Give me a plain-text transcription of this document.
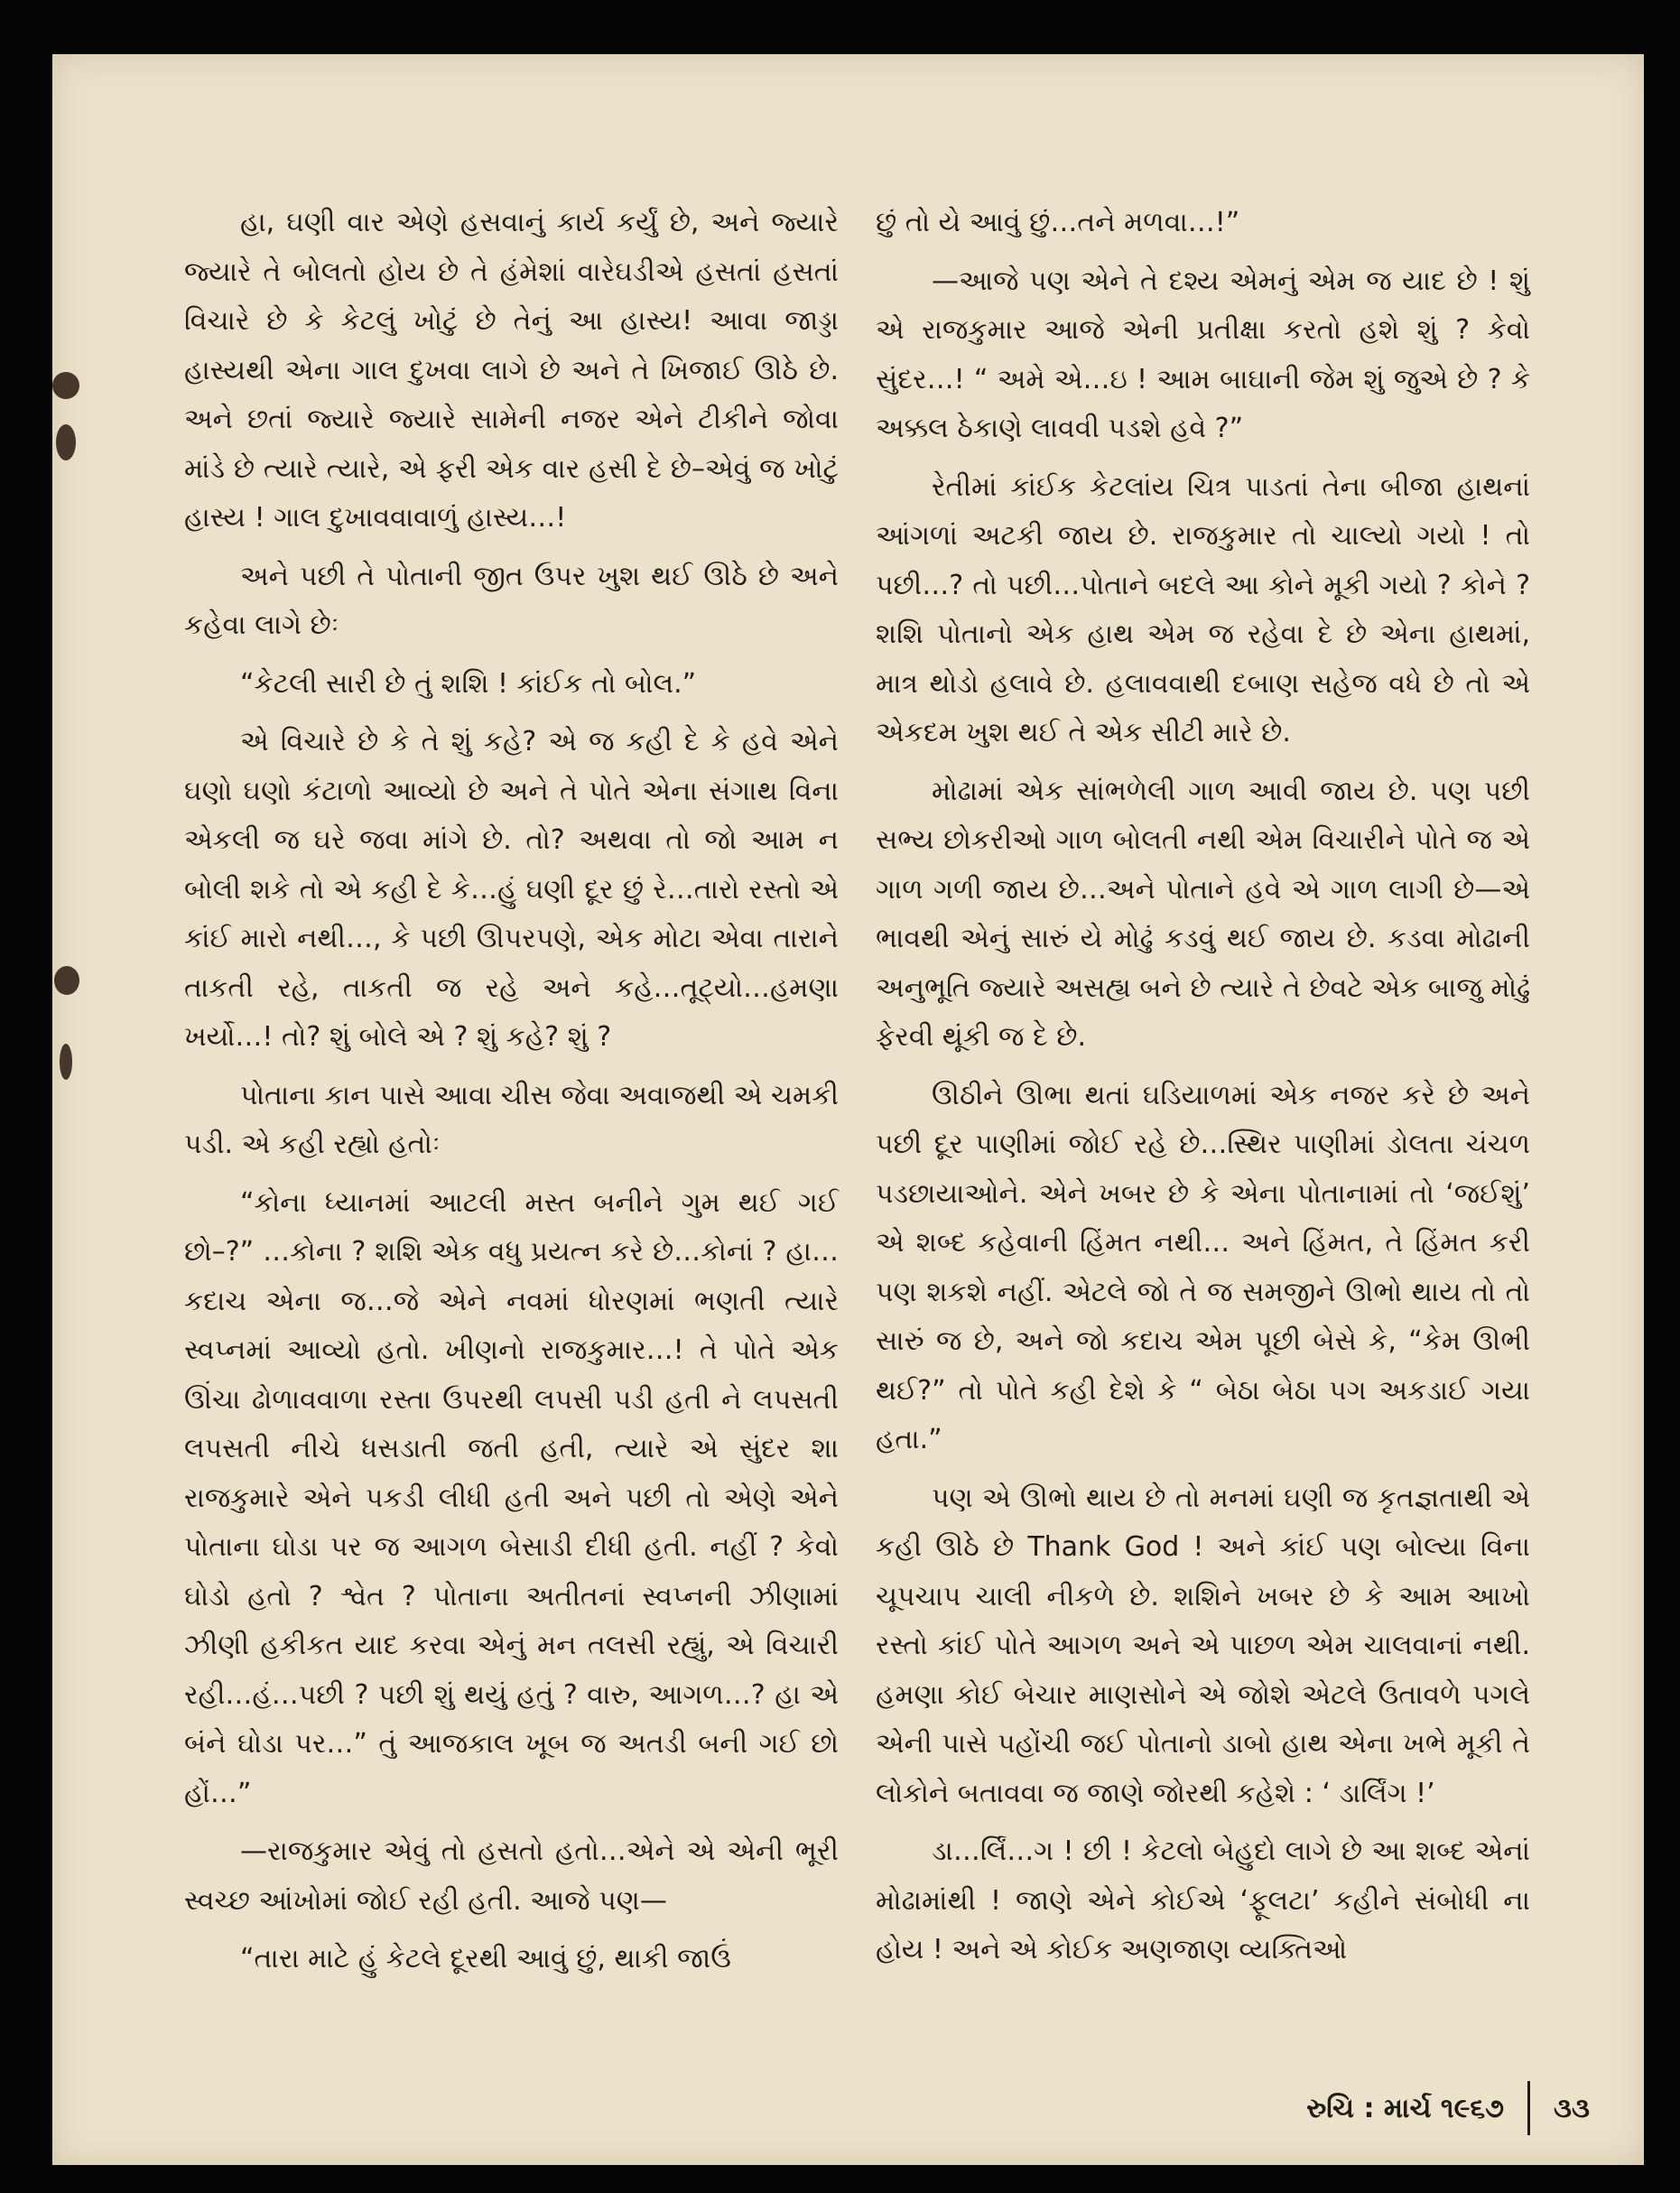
હા, ઘણી વાર એણે હસવાનું કાર્ય કર્યું છે, અને જ્યારે જ્યારે તે બોલતો હોય છે તે હંમેશાં વારેઘડીએ હસતાં હસતાં વિચારે છે કે કેટલું ખોટું છે તેનું આ હાસ્ય! આવા જાડ્ડા હાસ્યથી એના ગાલ દુખવા લાગે છે અને તે ખિજાઈ ઊઠે છે. અને છતાં જ્યારે જ્યારે સામેની નજર એને ટીકીને જોવા માંડે છે ત્યારે ત્યારે, એ ફરી એક વાર હસી દે છે–એવું જ ખોટું હાસ્ય ! ગાલ દુખાવવાવાળું હાસ્ય…!

અને પછી તે પોતાની જીત ઉપર ખુશ થઈ ઊઠે છે અને કહેવા લાગે છેઃ

“કેટલી સારી છે તું શશિ ! કાંઈક તો બોલ.”

એ વિચારે છે કે તે શું કહે? એ જ કહી દે કે હવે એને ઘણો ઘણો કંટાળો આવ્યો છે અને તે પોતે એના સંગાથ વિના એકલી જ ઘરે જવા માંગે છે. તો? અથવા તો જો આમ ન બોલી શકે તો એ કહી દે કે…હું ઘણી દૂર છું રે…તારો રસ્તો એ કાંઈ મારો નથી…, કે પછી ઊપરપણે, એક મોટા એવા તારાને તાકતી રહે, તાકતી જ રહે અને કહે…તૂટ્યો…હમણા ખર્યો…! તો? શું બોલે એ ? શું કહે? શું ?

પોતાના કાન પાસે આવા ચીસ જેવા અવાજથી એ ચમકી પડી. એ કહી રહ્યો હતોઃ

“કોના ધ્યાનમાં આટલી મસ્ત બનીને ગુમ થઈ ગઈ છો–?” …કોના ? શશિ એક વધુ પ્રયત્ન કરે છે…કોનાં ? હા…કદાચ એના જ…જે એને નવમાં ધોરણમાં ભણતી ત્યારે સ્વપ્નમાં આવ્યો હતો. ખીણનો રાજકુમાર…! તે પોતે એક ઊંચા ઢોળાવવાળા રસ્તા ઉપરથી લપસી પડી હતી ને લપસતી લપસતી નીચે ધસડાતી જતી હતી, ત્યારે એ સુંદર શા રાજકુમારે એને પકડી લીધી હતી અને પછી તો એણે એને પોતાના ઘોડા પર જ આગળ બેસાડી દીધી હતી. નહીં ? કેવો ઘોડો હતો ? શ્વેત ? પોતાના અતીતનાં સ્વપ્નની ઝીણામાં ઝીણી હકીકત યાદ કરવા એનું મન તલસી રહ્યું, એ વિચારી રહી…હં…પછી ? પછી શું થયું હતું ? વારુ, આગળ…? હા એ બંને ઘોડા પર…” તું આજકાલ ખૂબ જ અતડી બની ગઈ છો હોં…”

—રાજકુમાર એવું તો હસતો હતો…એને એ એની ભૂરી સ્વચ્છ આંખોમાં જોઈ રહી હતી. આજે પણ—

“તારા માટે હું કેટલે દૂરથી આવું છું, થાકી જાઉં

છું તો યે આવું છું…તને મળવા…!”

—આજે પણ એને તે દશ્ય એમનું એમ જ યાદ છે ! શું એ રાજકુમાર આજે એની પ્રતીક્ષા કરતો હશે શું ? કેવો સુંદર…! “ અમે એ…ઇ ! આમ બાઘાની જેમ શું જુએ છે ? કે અક્કલ ઠેકાણે લાવવી પડશે હવે ?”

રેતીમાં કાંઈક કેટલાંય ચિત્ર પાડતાં તેના બીજા હાથનાં આંગળાં અટકી જાય છે. રાજકુમાર તો ચાલ્યો ગયો ! તો પછી…? તો પછી…પોતાને બદલે આ કોને મૂકી ગયો ? કોને ? શશિ પોતાનો એક હાથ એમ જ રહેવા દે છે એના હાથમાં, માત્ર થોડો હલાવે છે. હલાવવાથી દબાણ સહેજ વધે છે તો એ એકદમ ખુશ થઈ તે એક સીટી મારે છે.

મોઢામાં એક સાંભળેલી ગાળ આવી જાય છે. પણ પછી સભ્ય છોકરીઓ ગાળ બોલતી નથી એમ વિચારીને પોતે જ એ ગાળ ગળી જાય છે…અને પોતાને હવે એ ગાળ લાગી છે—એ ભાવથી એનું સારું યે મોઢું કડવું થઈ જાય છે. કડવા મોઢાની અનુભૂતિ જ્યારે અસહ્ય બને છે ત્યારે તે છેવટે એક બાજુ મોઢું ફેરવી થૂંકી જ દે છે.

ઊઠીને ઊભા થતાં ઘડિયાળમાં એક નજર કરે છે અને પછી દૂર પાણીમાં જોઈ રહે છે…સ્થિર પાણીમાં ડોલતા ચંચળ પડછાયાઓને. એને ખબર છે કે એના પોતાનામાં તો ‘જઈશું’ એ શબ્દ કહેવાની હિંમત નથી… અને હિંમત, તે હિંમત કરી પણ શકશે નહીં. એટલે જો તે જ સમજીને ઊભો થાય તો તો સારું જ છે, અને જો કદાચ એમ પૂછી બેસે કે, “કેમ ઊભી થઈ?” તો પોતે કહી દેશે કે “ બેઠા બેઠા પગ અકડાઈ ગયા હતા.”

પણ એ ઊભો થાય છે તો મનમાં ઘણી જ કૃતજ્ઞતાથી એ કહી ઊઠે છે Thank God ! અને કાંઈ પણ બોલ્યા વિના ચૂપચાપ ચાલી નીકળે છે. શશિને ખબર છે કે આમ આખો રસ્તો કાંઈ પોતે આગળ અને એ પાછળ એમ ચાલવાનાં નથી. હમણા કોઈ બેચાર માણસોને એ જોશે એટલે ઉતાવળે પગલે એની પાસે પહોંચી જઈ પોતાનો ડાબો હાથ એના ખભે મૂકી તે લોકોને બતાવવા જ જાણે જોરથી કહેશે : ‘ ડાર્લિંગ !’

ડા…ર્લિં…ગ ! છી ! કેટલો બેહુદો લાગે છે આ શબ્દ એનાં મોઢામાંથી ! જાણે એને કોઈએ ‘ફૂલટા’ કહીને સંબોધી ના હોય ! અને એ કોઈક અણજાણ વ્યક્તિઓ

રુચિ : માર્ચ ૧૯૬૭ ૩૩
